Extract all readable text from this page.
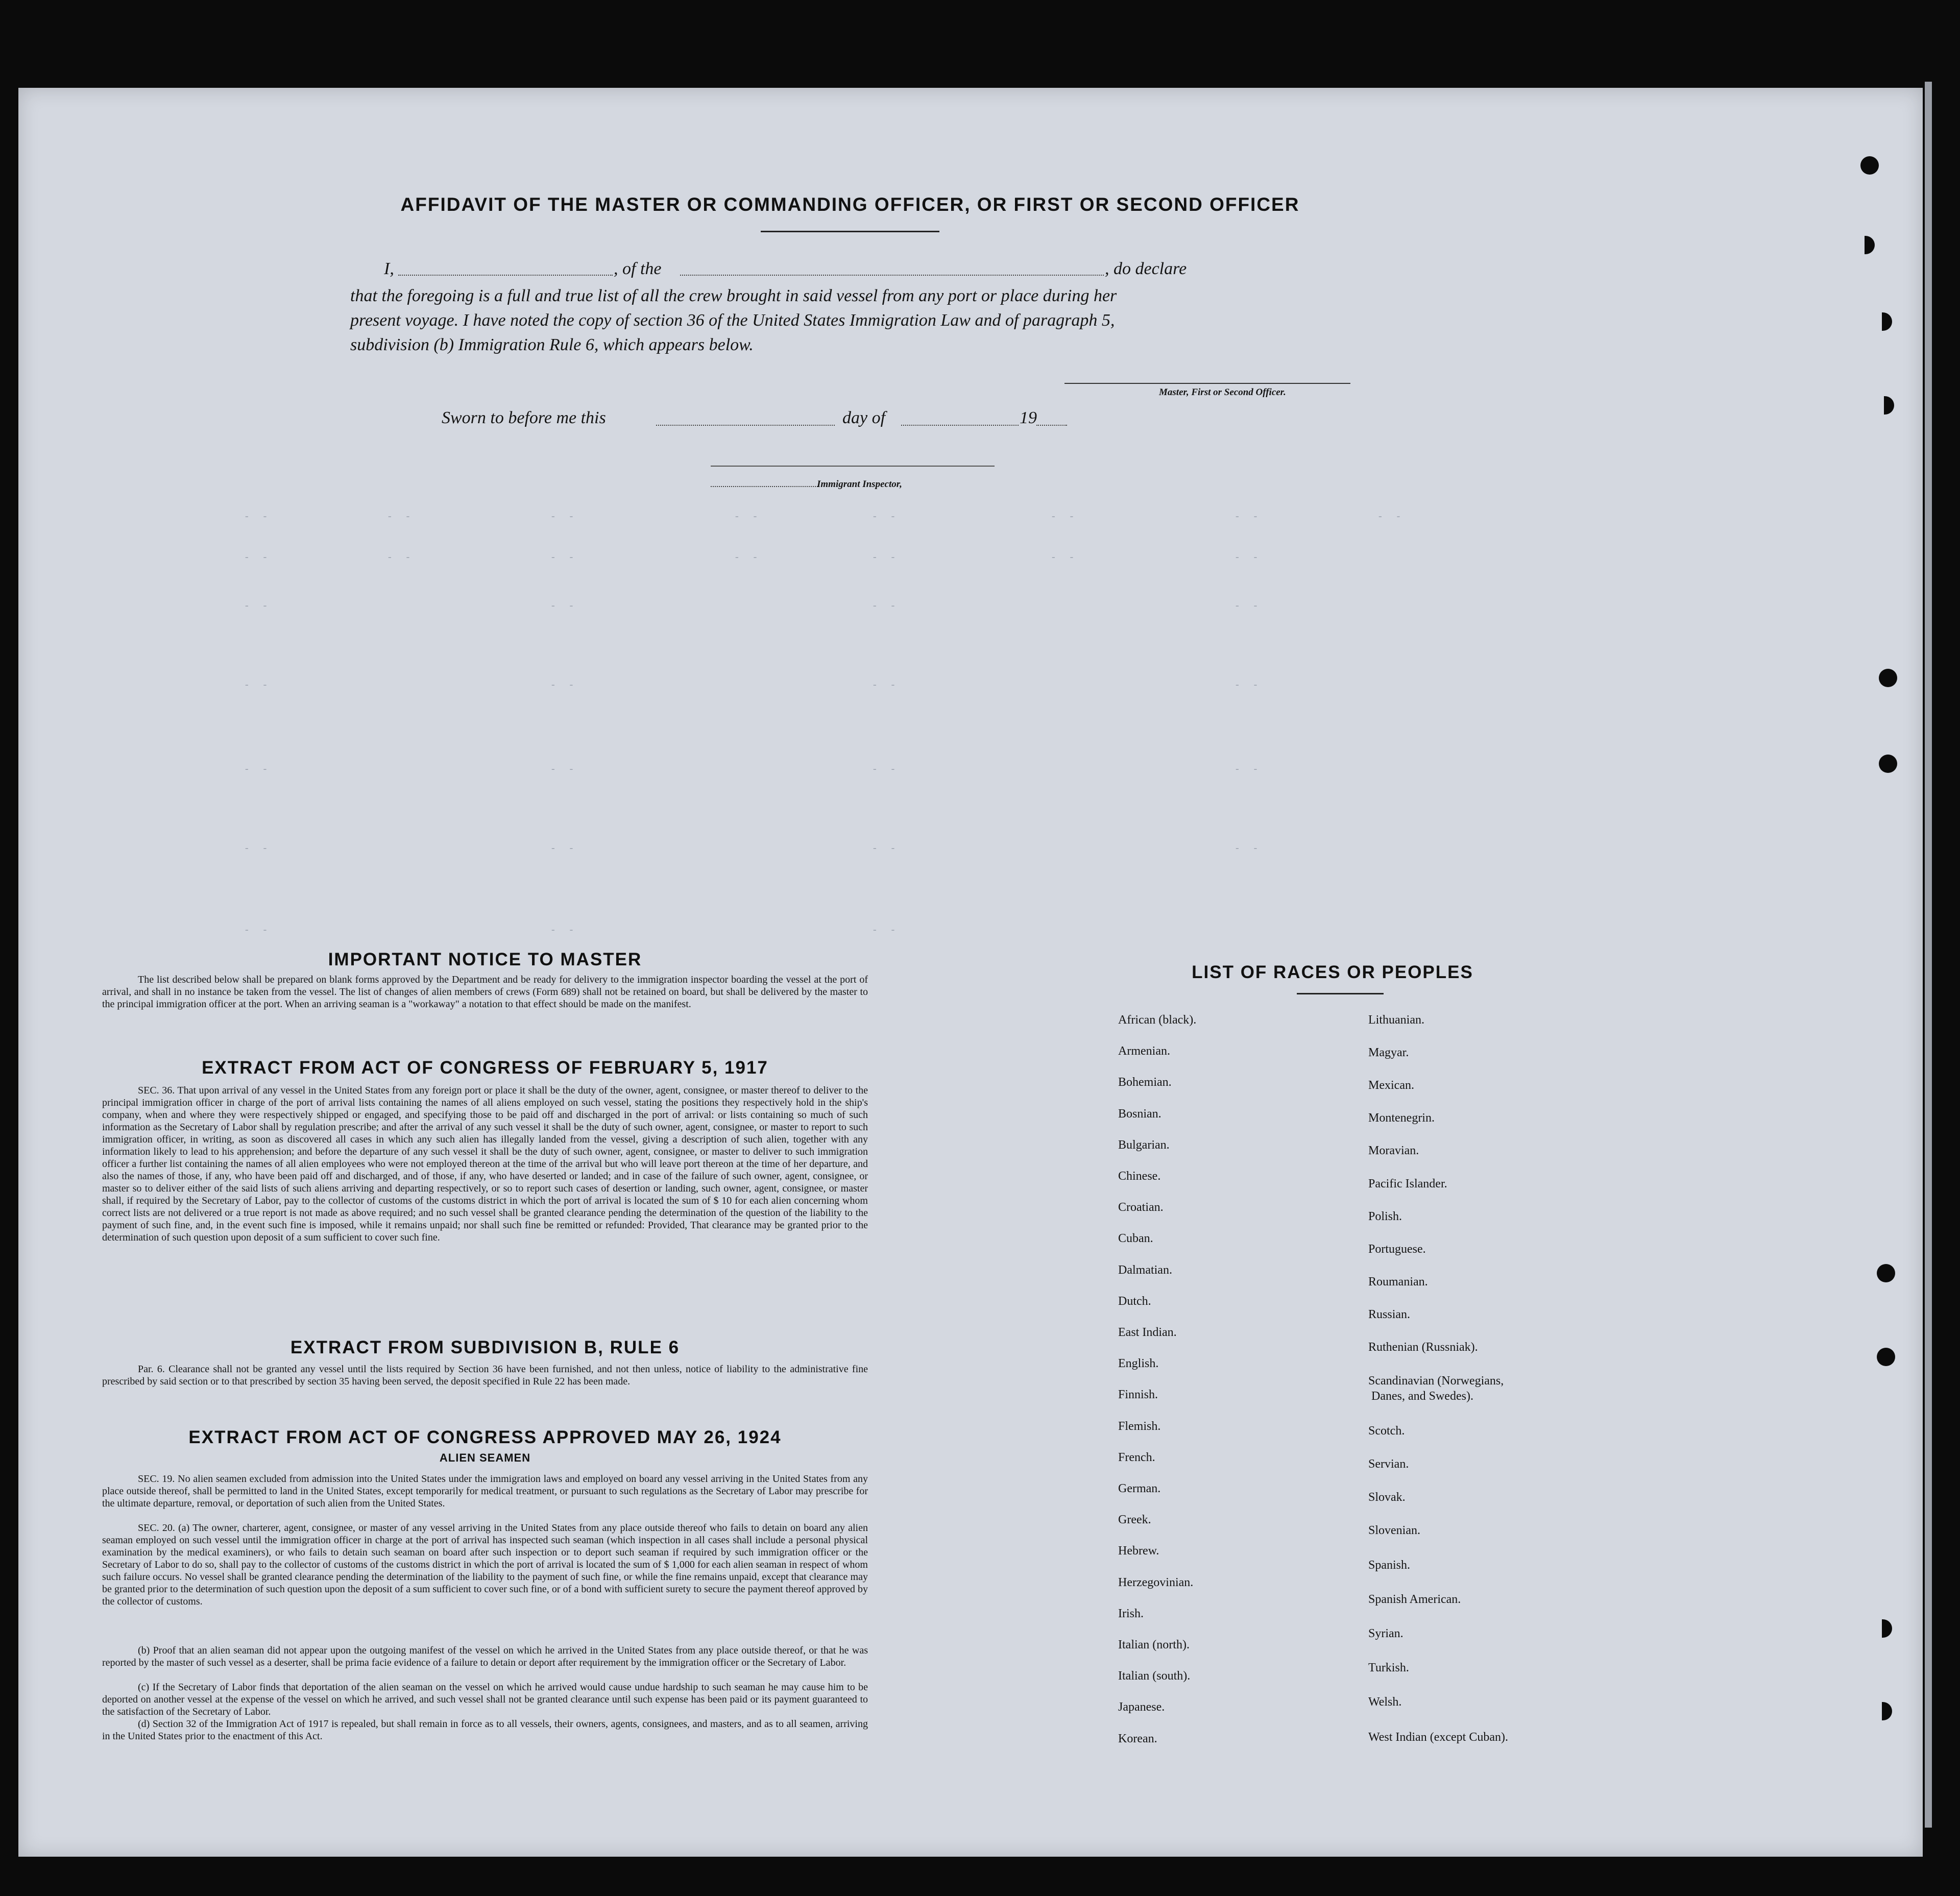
AFFIDAVIT OF THE MASTER OR COMMANDING OFFICER, OR FIRST OR SECOND OFFICER
I,	, of the	, do declare
that the foregoing is a full and true list of all the crew brought in said vessel from any port or place during her
present voyage. I have noted the copy of section 36 of the United States Immigration Law and of paragraph 5,
subdivision (b) Immigration Rule 6, which appears below.
Master, First or Second Officer.
Sworn to before me this	day of	19
Immigrant Inspector,
- -	- -	- -	- -	- -	- -	- -	- -
- -	- -	- -	- -	- -	- -	- -
- -	- -	- -	- -
- -	- -	- -	- -
- -	- -	- -	- -
- -	- -	- -	- -
- -	- -	- -
IMPORTANT NOTICE TO MASTER
The list described below shall be prepared on blank forms approved by the Department and be ready for delivery to the immigration inspector boarding the vessel at the port of arrival, and shall in no instance be taken from the vessel. The list of changes of alien members of crews (Form 689) shall not be retained on board, but shall be delivered by the master to the principal immigration officer at the port. When an arriving seaman is a "workaway" a notation to that effect should be made on the manifest.
EXTRACT FROM ACT OF CONGRESS OF FEBRUARY 5, 1917
SEC. 36. That upon arrival of any vessel in the United States from any foreign port or place it shall be the duty of the owner, agent, consignee, or master thereof to deliver to the principal immigration officer in charge of the port of arrival lists containing the names of all aliens employed on such vessel, stating the positions they respectively hold in the ship's company, when and where they were respectively shipped or engaged, and specifying those to be paid off and discharged in the port of arrival: or lists containing so much of such information as the Secretary of Labor shall by regulation prescribe; and after the arrival of any such vessel it shall be the duty of such owner, agent, consignee, or master to report to such immigration officer, in writing, as soon as discovered all cases in which any such alien has illegally landed from the vessel, giving a description of such alien, together with any information likely to lead to his apprehension; and before the departure of any such vessel it shall be the duty of such owner, agent, consignee, or master to deliver to such immigration officer a further list containing the names of all alien employees who were not employed thereon at the time of the arrival but who will leave port thereon at the time of her departure, and also the names of those, if any, who have been paid off and discharged, and of those, if any, who have deserted or landed; and in case of the failure of such owner, agent, consignee, or master so to deliver either of the said lists of such aliens arriving and departing respectively, or so to report such cases of desertion or landing, such owner, agent, consignee, or master shall, if required by the Secretary of Labor, pay to the collector of customs of the customs district in which the port of arrival is located the sum of $ 10 for each alien concerning whom correct lists are not delivered or a true report is not made as above required; and no such vessel shall be granted clearance pending the determination of the question of the liability to the payment of such fine, and, in the event such fine is imposed, while it remains unpaid; nor shall such fine be remitted or refunded: Provided, That clearance may be granted prior to the determination of such question upon deposit of a sum sufficient to cover such fine.
EXTRACT FROM SUBDIVISION B, RULE 6
Par. 6. Clearance shall not be granted any vessel until the lists required by Section 36 have been furnished, and not then unless, notice of liability to the administrative fine prescribed by said section or to that prescribed by section 35 having been served, the deposit specified in Rule 22 has been made.
EXTRACT FROM ACT OF CONGRESS APPROVED MAY 26, 1924
ALIEN SEAMEN
SEC. 19. No alien seamen excluded from admission into the United States under the immigration laws and employed on board any vessel arriving in the United States from any place outside thereof, shall be permitted to land in the United States, except temporarily for medical treatment, or pursuant to such regulations as the Secretary of Labor may prescribe for the ultimate departure, removal, or deportation of such alien from the United States.
SEC. 20. (a) The owner, charterer, agent, consignee, or master of any vessel arriving in the United States from any place outside thereof who fails to detain on board any alien seaman employed on such vessel until the immigration officer in charge at the port of arrival has inspected such seaman (which inspection in all cases shall include a personal physical examination by the medical examiners), or who fails to detain such seaman on board after such inspection or to deport such seaman if required by such immigration officer or the Secretary of Labor to do so, shall pay to the collector of customs of the customs district in which the port of arrival is located the sum of $ 1,000 for each alien seaman in respect of whom such failure occurs. No vessel shall be granted clearance pending the determination of the liability to the payment of such fine, or while the fine remains unpaid, except that clearance may be granted prior to the determination of such question upon the deposit of a sum sufficient to cover such fine, or of a bond with sufficient surety to secure the payment thereof approved by the collector of customs.
(b) Proof that an alien seaman did not appear upon the outgoing manifest of the vessel on which he arrived in the United States from any place outside thereof, or that he was reported by the master of such vessel as a deserter, shall be prima facie evidence of a failure to detain or deport after requirement by the immigration officer or the Secretary of Labor.
(c) If the Secretary of Labor finds that deportation of the alien seaman on the vessel on which he arrived would cause undue hardship to such seaman he may cause him to be deported on another vessel at the expense of the vessel on which he arrived, and such vessel shall not be granted clearance until such expense has been paid or its payment guaranteed to the satisfaction of the Secretary of Labor.
(d) Section 32 of the Immigration Act of 1917 is repealed, but shall remain in force as to all vessels, their owners, agents, consignees, and masters, and as to all seamen, arriving in the United States prior to the enactment of this Act.
LIST OF RACES OR PEOPLES
African (black).
Armenian.
Bohemian.
Bosnian.
Bulgarian.
Chinese.
Croatian.
Cuban.
Dalmatian.
Dutch.
East Indian.
English.
Finnish.
Flemish.
French.
German.
Greek.
Hebrew.
Herzegovinian.
Irish.
Italian (north).
Italian (south).
Japanese.
Korean.
Lithuanian.
Magyar.
Mexican.
Montenegrin.
Moravian.
Pacific Islander.
Polish.
Portuguese.
Roumanian.
Russian.
Ruthenian (Russniak).
Scandinavian (Norwegians,
Danes, and Swedes).
Scotch.
Servian.
Slovak.
Slovenian.
Spanish.
Spanish American.
Syrian.
Turkish.
Welsh.
West Indian (except Cuban).
